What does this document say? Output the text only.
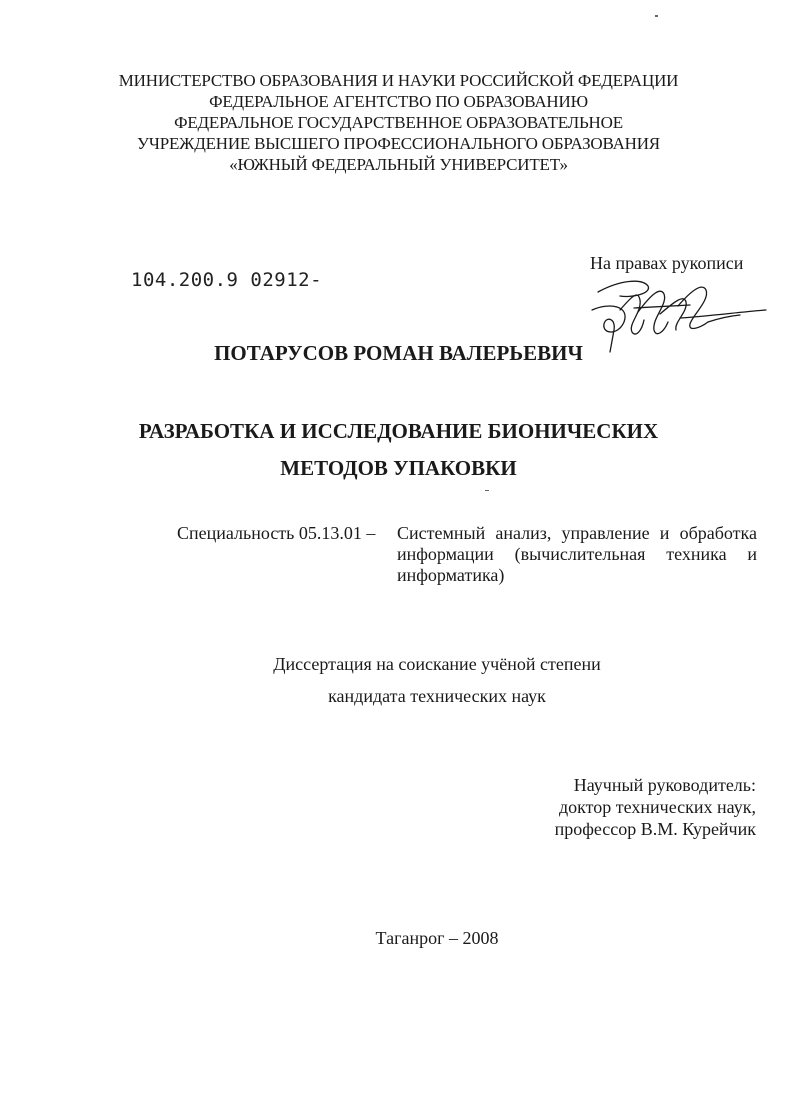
МИНИСТЕРСТВО ОБРАЗОВАНИЯ И НАУКИ РОССИЙСКОЙ ФЕДЕРАЦИИ
ФЕДЕРАЛЬНОЕ АГЕНТСТВО ПО ОБРАЗОВАНИЮ
ФЕДЕРАЛЬНОЕ ГОСУДАРСТВЕННОЕ ОБРАЗОВАТЕЛЬНОЕ
УЧРЕЖДЕНИЕ ВЫСШЕГО ПРОФЕССИОНАЛЬНОГО ОБРАЗОВАНИЯ
«ЮЖНЫЙ ФЕДЕРАЛЬНЫЙ УНИВЕРСИТЕТ»
На правах рукописи
104.200.9 02912-
ПОТАРУСОВ РОМАН ВАЛЕРЬЕВИЧ
РАЗРАБОТКА И ИССЛЕДОВАНИЕ БИОНИЧЕСКИХ
МЕТОДОВ УПАКОВКИ
Специальность 05.13.01 – Системный анализ, управление и обработка
информации (вычислительная техника и
информатика)
Диссертация на соискание учёной степени
кандидата технических наук
Научный руководитель:
доктор технических наук,
профессор В.М. Курейчик
Таганрог – 2008
